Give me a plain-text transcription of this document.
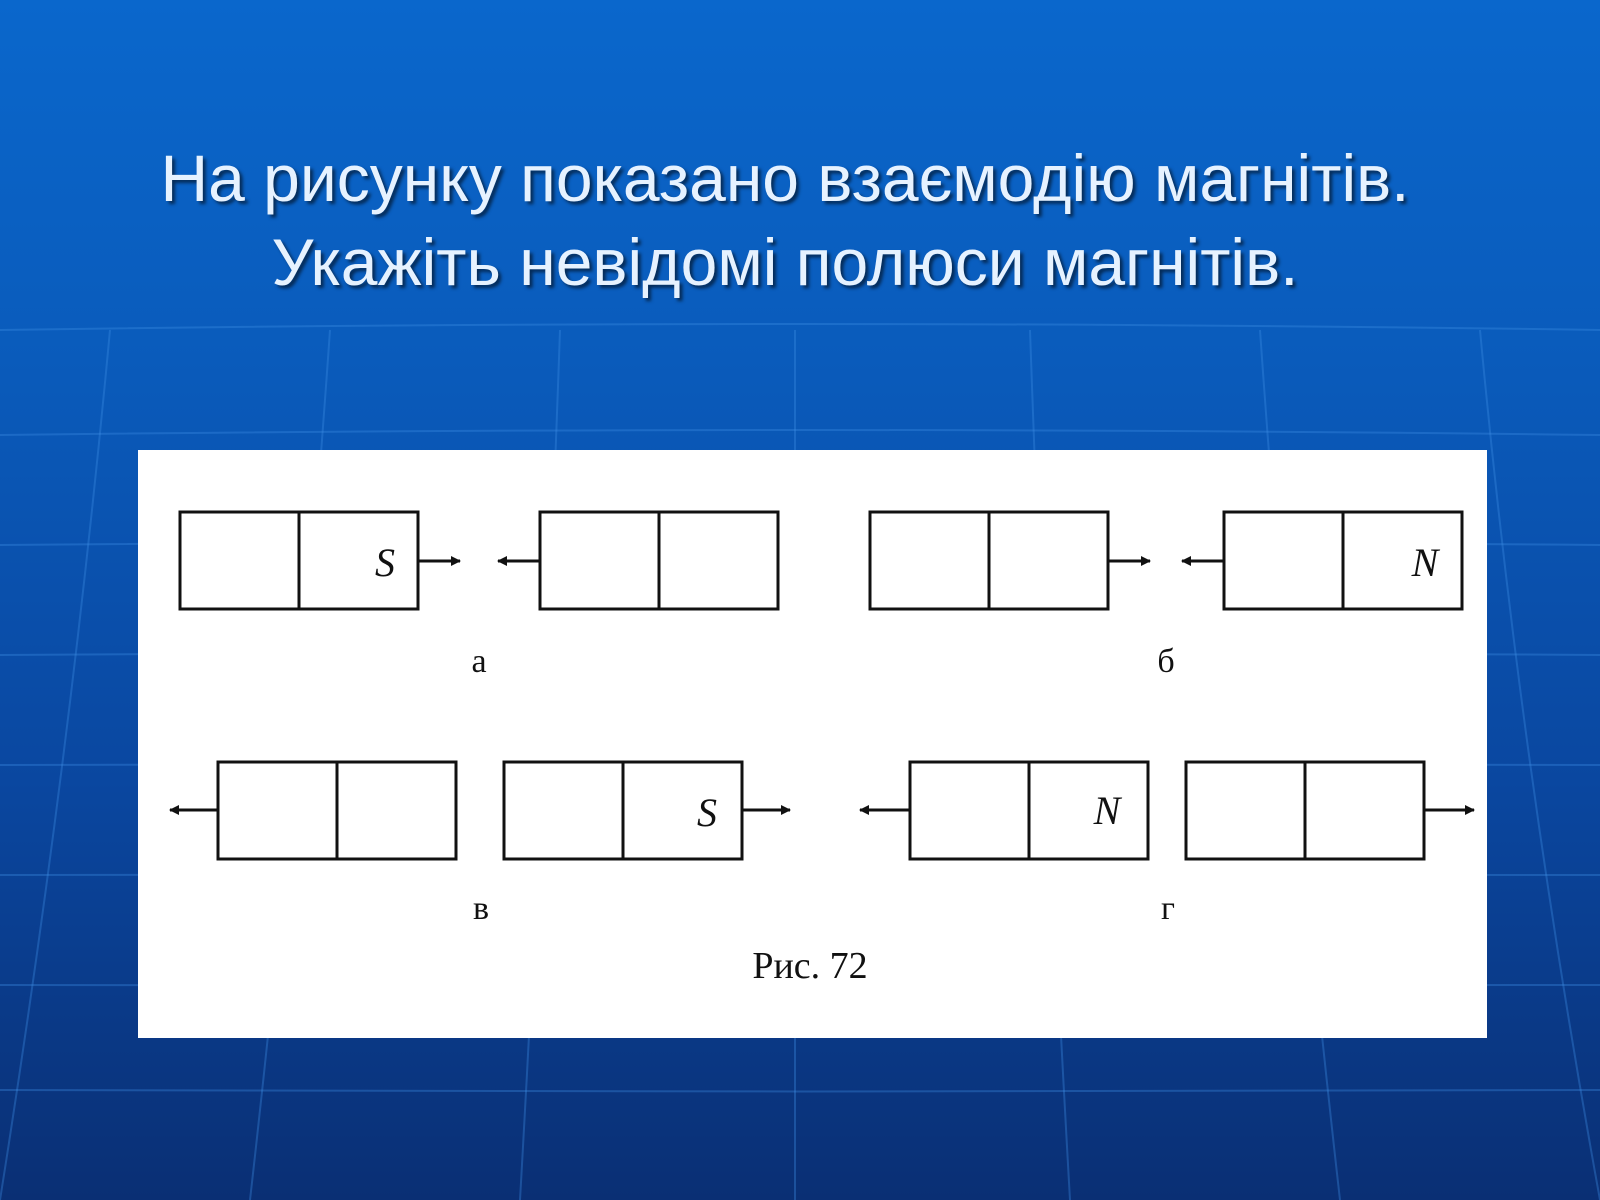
На рисунку показано взаємодію магнітів.
Укажіть невідомі полюси магнітів.
S	N
S	N
а	б
в	г
Рис. 72
